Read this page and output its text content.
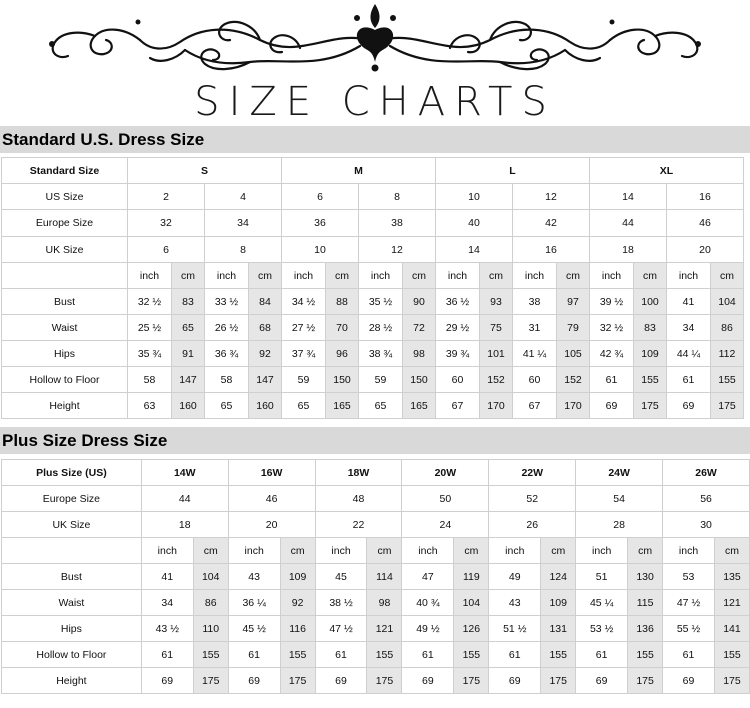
SIZE CHARTS
Standard U.S. Dress Size
Standard Size	S				M				L				XL			
US Size	2		4		6		8		10		12		14		16	
Europe Size	32		34		36		38		40		42		44		46	
UK Size	6		8		10		12		14		16		18		20	
	inch	cm	inch	cm	inch	cm	inch	cm	inch	cm	inch	cm	inch	cm	inch	cm
Bust	32 ½	83	33 ½	84	34 ½	88	35 ½	90	36 ½	93	38	97	39 ½	100	41	104
Waist	25 ½	65	26 ½	68	27 ½	70	28 ½	72	29 ½	75	31	79	32 ½	83	34	86
Hips	35 ¾	91	36 ¾	92	37 ¾	96	38 ¾	98	39 ¾	101	41 ¼	105	42 ¾	109	44 ¼	112
Hollow to Floor	58	147	58	147	59	150	59	150	60	152	60	152	61	155	61	155
Height	63	160	65	160	65	165	65	165	67	170	67	170	69	175	69	175
Plus Size Dress Size
Plus Size (US)	14W		16W		18W		20W		22W		24W		26W	
Europe Size	44		46		48		50		52		54		56	
UK Size	18		20		22		24		26		28		30	
	inch	cm	inch	cm	inch	cm	inch	cm	inch	cm	inch	cm	inch	cm
Bust	41	104	43	109	45	114	47	119	49	124	51	130	53	135
Waist	34	86	36 ¼	92	38 ½	98	40 ¾	104	43	109	45 ¼	115	47 ½	121
Hips	43 ½	110	45 ½	116	47 ½	121	49 ½	126	51 ½	131	53 ½	136	55 ½	141
Hollow to Floor	61	155	61	155	61	155	61	155	61	155	61	155	61	155
Height	69	175	69	175	69	175	69	175	69	175	69	175	69	175
